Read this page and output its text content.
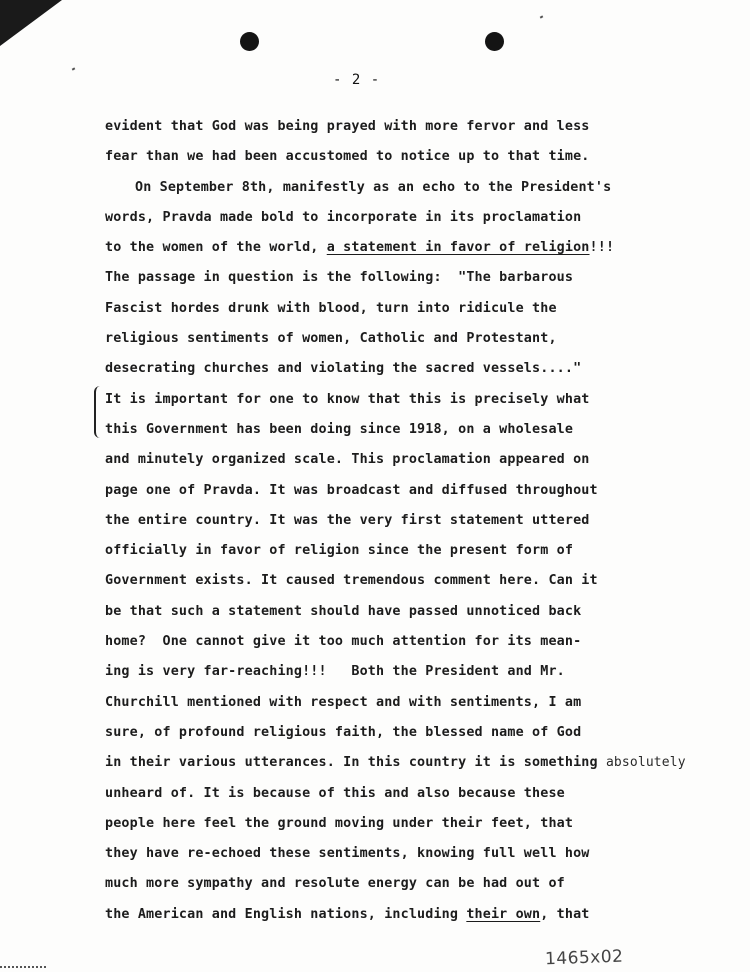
- 2 -
evident that God was being prayed with more fervor and less
fear than we had been accustomed to notice up to that time.
On September 8th, manifestly as an echo to the President's
words, Pravda made bold to incorporate in its proclamation
to the women of the world, a statement in favor of religion!!!
The passage in question is the following:  "The barbarous
Fascist hordes drunk with blood, turn into ridicule the
religious sentiments of women, Catholic and Protestant,
desecrating churches and violating the sacred vessels...."
It is important for one to know that this is precisely what
this Government has been doing since 1918, on a wholesale
and minutely organized scale. This proclamation appeared on
page one of Pravda. It was broadcast and diffused throughout
the entire country. It was the very first statement uttered
officially in favor of religion since the present form of
Government exists. It caused tremendous comment here. Can it
be that such a statement should have passed unnoticed back
home?  One cannot give it too much attention for its mean-
ing is very far-reaching!!!   Both the President and Mr.
Churchill mentioned with respect and with sentiments, I am
sure, of profound religious faith, the blessed name of God
in their various utterances. In this country it is something absolutely
unheard of. It is because of this and also because these
people here feel the ground moving under their feet, that
they have re-echoed these sentiments, knowing full well how
much more sympathy and resolute energy can be had out of
the American and English nations, including their own, that
1465x02
